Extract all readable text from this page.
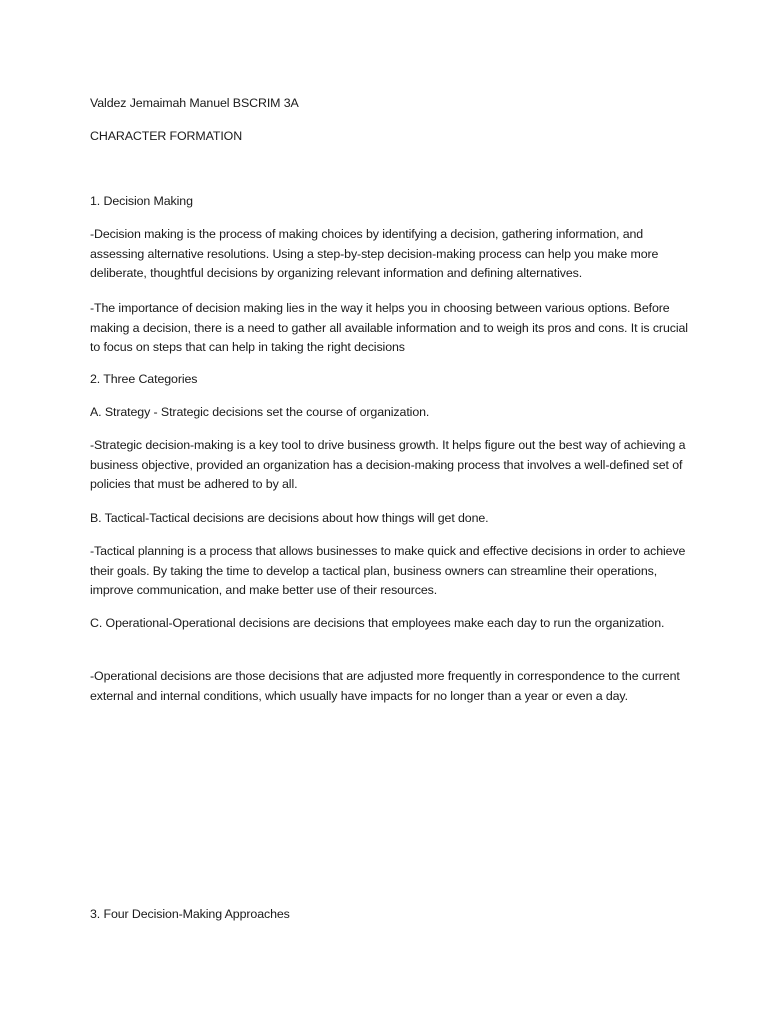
Valdez Jemaimah Manuel BSCRIM 3A
CHARACTER FORMATION
1. Decision Making
-Decision making is the process of making choices by identifying a decision, gathering information, and assessing alternative resolutions. Using a step-by-step decision-making process can help you make more deliberate, thoughtful decisions by organizing relevant information and defining alternatives.
-The importance of decision making lies in the way it helps you in choosing between various options. Before making a decision, there is a need to gather all available information and to weigh its pros and cons. It is crucial to focus on steps that can help in taking the right decisions
2. Three Categories
A. Strategy - Strategic decisions set the course of organization.
-Strategic decision-making is a key tool to drive business growth. It helps figure out the best way of achieving a business objective, provided an organization has a decision-making process that involves a well-defined set of policies that must be adhered to by all.
B. Tactical-Tactical decisions are decisions about how things will get done.
-Tactical planning is a process that allows businesses to make quick and effective decisions in order to achieve their goals. By taking the time to develop a tactical plan, business owners can streamline their operations, improve communication, and make better use of their resources.
C. Operational-Operational decisions are decisions that employees make each day to run the organization.
-Operational decisions are those decisions that are adjusted more frequently in correspondence to the current external and internal conditions, which usually have impacts for no longer than a year or even a day.
3. Four Decision-Making Approaches
